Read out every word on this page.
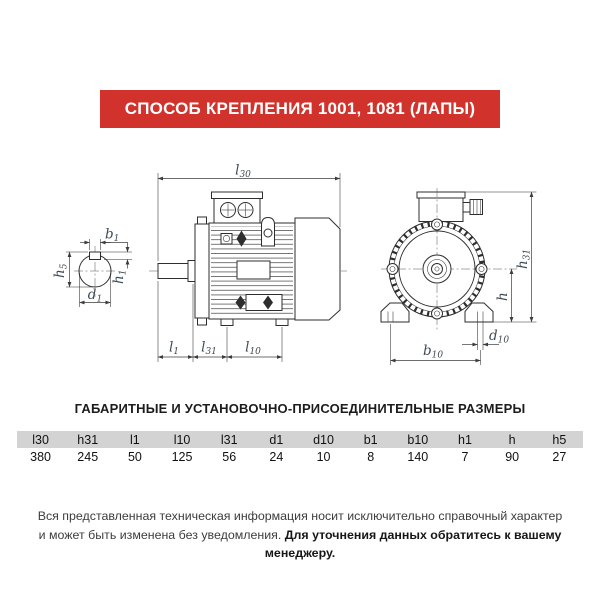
СПОСОБ КРЕПЛЕНИЯ 1001, 1081 (ЛАПЫ)
b1
h5
h1
d1
l30
l1 l31 l10
h31
h
d10
b10
ГАБАРИТНЫЕ И УСТАНОВОЧНО-ПРИСОЕДИНИТЕЛЬНЫЕ РАЗМЕРЫ
l30	h31	l1	l10	l31	d1	d10	b1	b10	h1	h	h5
380	245	50	125	56	24	10	8	140	7	90	27
Вся представленная техническая информация носит исключительно справочный характер
и может быть изменена без уведомления. Для уточнения данных обратитесь к вашему менеджеру.
